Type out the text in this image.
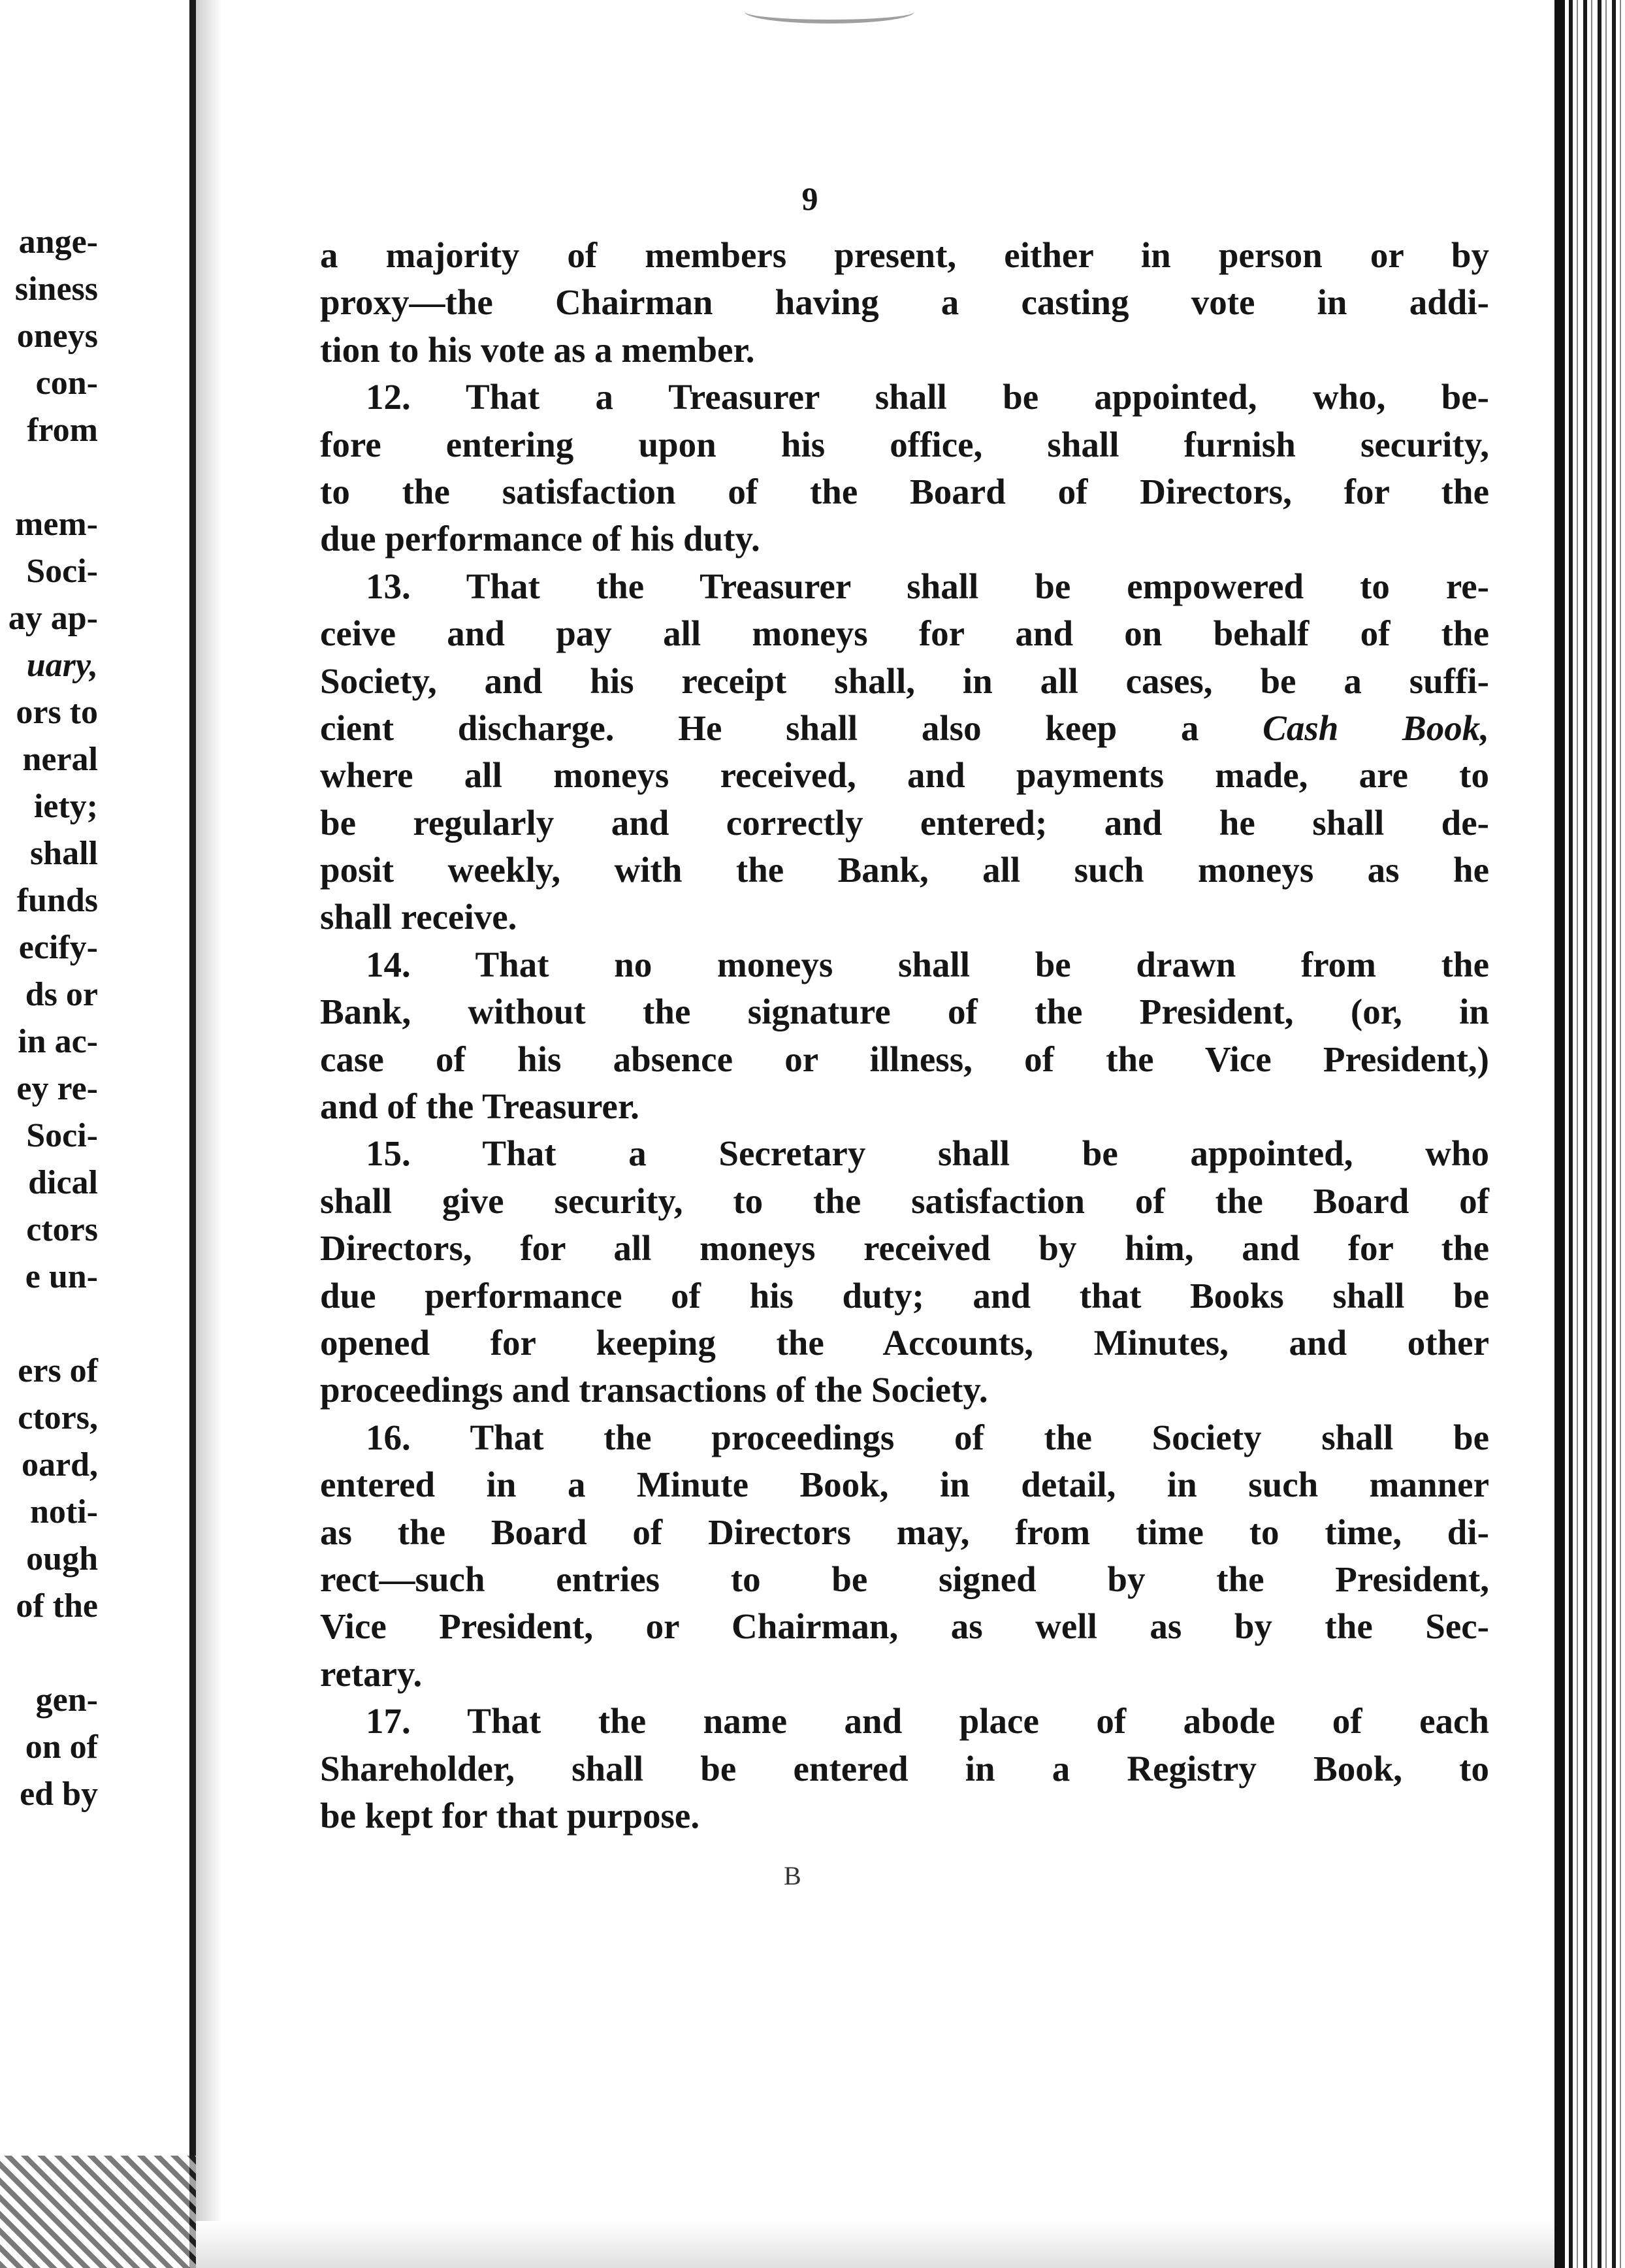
ange-
siness
oneys
con-
from
mem-
Soci-
ay ap-
uary,
ors to
neral
iety;
shall
funds
ecify-
ds or
in ac-
ey re-
Soci-
dical
ctors
e un-
ers of
ctors,
oard,
noti-
ough
of the
gen-
on of
ed by
9
a majority of members present, either in person or by
proxy—the Chairman having a casting vote in addi-
tion to his vote as a member.
12. That a Treasurer shall be appointed, who, be-
fore entering upon his office, shall furnish security,
to the satisfaction of the Board of Directors, for the
due performance of his duty.
13. That the Treasurer shall be empowered to re-
ceive and pay all moneys for and on behalf of the
Society, and his receipt shall, in all cases, be a suffi-
cient discharge. He shall also keep a Cash Book,
where all moneys received, and payments made, are to
be regularly and correctly entered; and he shall de-
posit weekly, with the Bank, all such moneys as he
shall receive.
14. That no moneys shall be drawn from the
Bank, without the signature of the President, (or, in
case of his absence or illness, of the Vice President,)
and of the Treasurer.
15. That a Secretary shall be appointed, who
shall give security, to the satisfaction of the Board of
Directors, for all moneys received by him, and for the
due performance of his duty; and that Books shall be
opened for keeping the Accounts, Minutes, and other
proceedings and transactions of the Society.
16. That the proceedings of the Society shall be
entered in a Minute Book, in detail, in such manner
as the Board of Directors may, from time to time, di-
rect—such entries to be signed by the President,
Vice President, or Chairman, as well as by the Sec-
retary.
17. That the name and place of abode of each
Shareholder, shall be entered in a Registry Book, to
be kept for that purpose.
B
